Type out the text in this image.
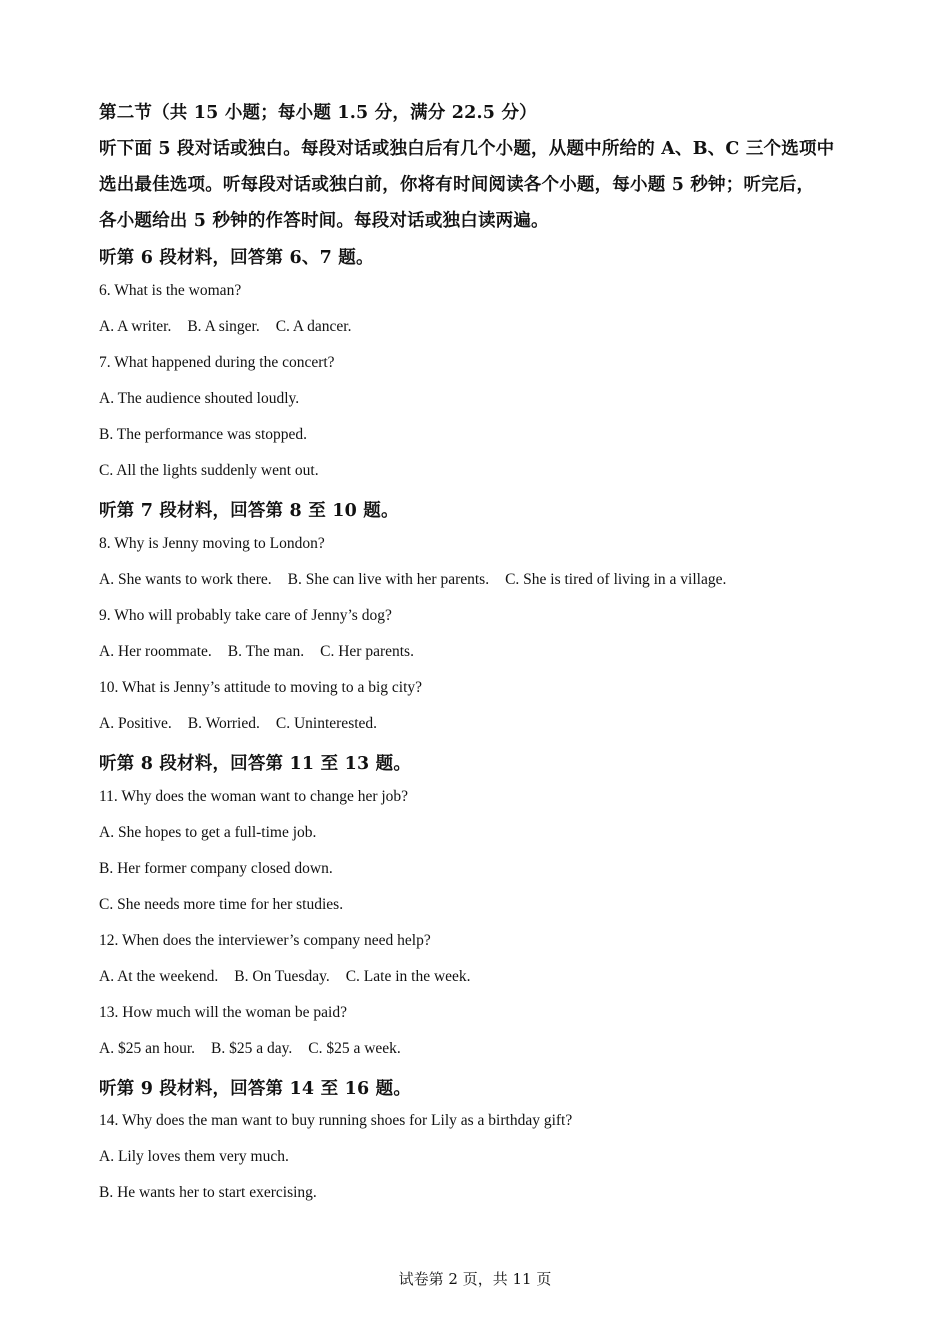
第二节（共 15 小题；每小题 1.5 分，满分 22.5 分）
听下面 5 段对话或独白。每段对话或独白后有几个小题，从题中所给的 A、B、C 三个选项中
选出最佳选项。听每段对话或独白前，你将有时间阅读各个小题，每小题 5 秒钟；听完后，
各小题给出 5 秒钟的作答时间。每段对话或独白读两遍。
听第 6 段材料，回答第 6、7 题。
6. What is the woman?
A. A writer. B. A singer. C. A dancer.
7. What happened during the concert?
A. The audience shouted loudly.
B. The performance was stopped.
C. All the lights suddenly went out.
听第 7 段材料，回答第 8 至 10 题。
8. Why is Jenny moving to London?
A. She wants to work there. B. She can live with her parents. C. She is tired of living in a village.
9. Who will probably take care of Jenny’s dog?
A. Her roommate. B. The man. C. Her parents.
10. What is Jenny’s attitude to moving to a big city?
A. Positive. B. Worried. C. Uninterested.
听第 8 段材料，回答第 11 至 13 题。
11. Why does the woman want to change her job?
A. She hopes to get a full-time job.
B. Her former company closed down.
C. She needs more time for her studies.
12. When does the interviewer’s company need help?
A. At the weekend. B. On Tuesday. C. Late in the week.
13. How much will the woman be paid?
A. $25 an hour. B. $25 a day. C. $25 a week.
听第 9 段材料，回答第 14 至 16 题。
14. Why does the man want to buy running shoes for Lily as a birthday gift?
A. Lily loves them very much.
B. He wants her to start exercising.
试卷第 2 页，共 11 页
